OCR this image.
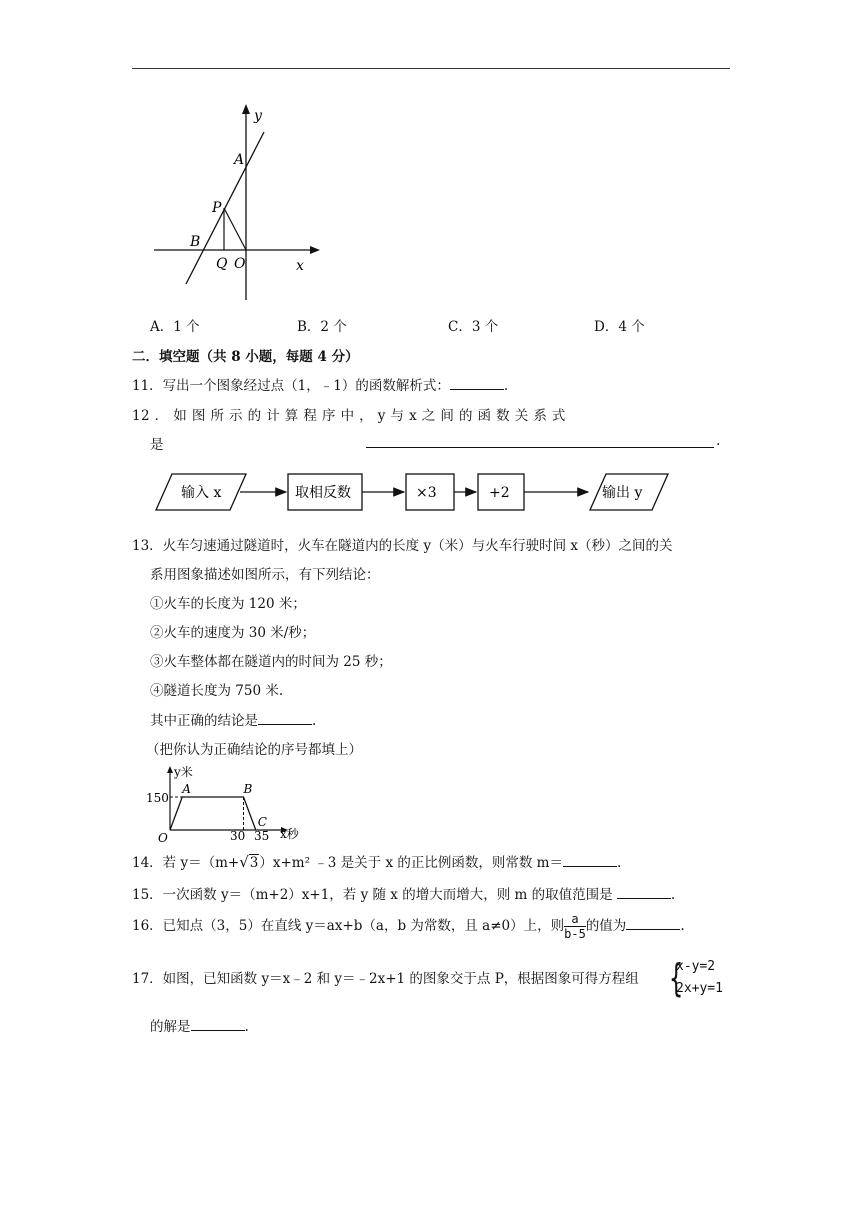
y
x
A
P
B
Q O
A．1 个	B．2 个	C．3 个	D．4 个
二．填空题（共 8 小题，每题 4 分）
11．写出一个图象经过点（1，﹣1）的函数解析式：	.
12 ． 如 图 所 示 的 计 算 程 序 中 ， y 与 x 之 间 的 函 数 关 系 式
是	.
输入 x	取相反数	×3	+2	输出 y
13．火车匀速通过隧道时，火车在隧道内的长度 y（米）与火车行驶时间 x（秒）之间的关
系用图象描述如图所示，有下列结论：
①火车的长度为 120 米；
②火车的速度为 30 米/秒；
③火车整体都在隧道内的时间为 25 秒；
④隧道长度为 750 米.
其中正确的结论是	.
（把你认为正确结论的序号都填上）
O
A	B
C
y米
x秒
150
30 35
14．若 y＝（m+√3）x+m² ﹣3 是关于 x 的正比例函数，则常数 m＝	.
15．一次函数 y＝（m+2）x+1，若 y 随 x 的增大而增大，则 m 的取值范围是	.
16．已知点（3，5）在直线 y＝ax+b（a，b 为常数，且 a≠0）上，则 $\frac{a}{b-5}$ 的值为	.
17．如图，已知函数 y＝x﹣2 和 y＝﹣2x+1 的图象交于点 P，根据图象可得方程组 {
x-y=2
2x+y=1
的解是	.
